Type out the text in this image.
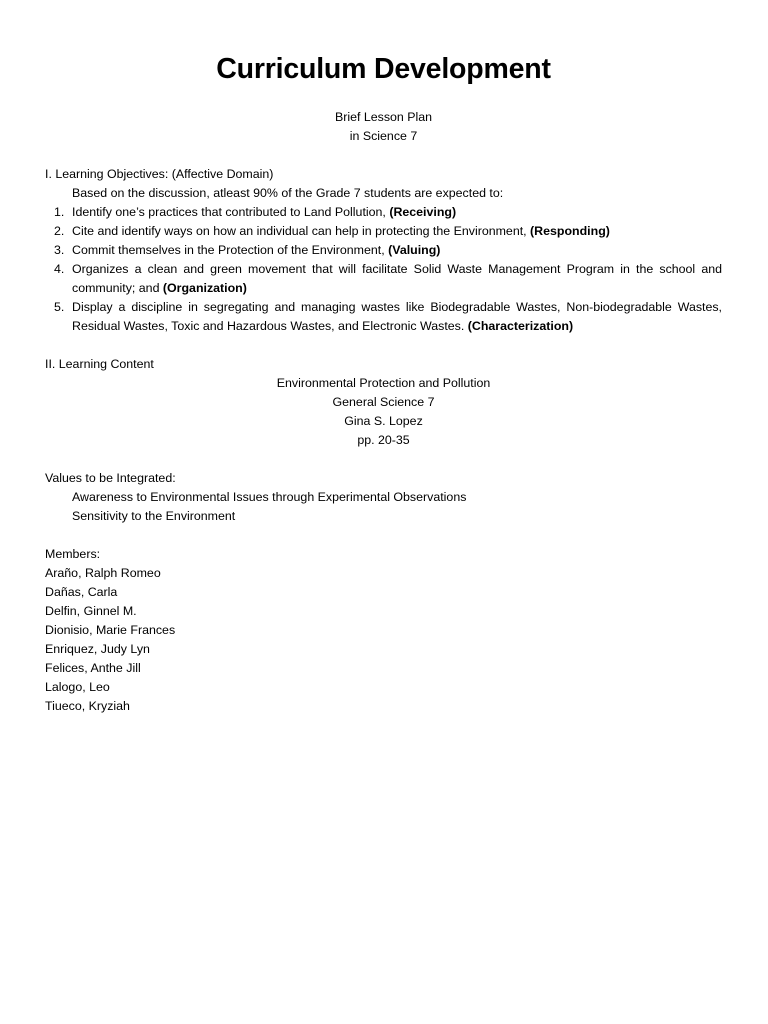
Curriculum Development
Brief Lesson Plan
in Science 7
I. Learning Objectives: (Affective Domain)
Based on the discussion, atleast 90% of the Grade 7 students are expected to:
1. Identify one’s practices that contributed to Land Pollution, (Receiving)
2. Cite and identify ways on how an individual can help in protecting the Environment, (Responding)
3. Commit themselves in the Protection of the Environment, (Valuing)
4. Organizes a clean and green movement that will facilitate Solid Waste Management Program in the school and community; and (Organization)
5. Display a discipline in segregating and managing wastes like Biodegradable Wastes, Non-biodegradable Wastes, Residual Wastes, Toxic and Hazardous Wastes, and Electronic Wastes. (Characterization)
II. Learning Content
Environmental Protection and Pollution
General Science 7
Gina S. Lopez
pp. 20-35
Values to be Integrated:
Awareness to Environmental Issues through Experimental Observations
Sensitivity to the Environment
Members:
Araño, Ralph Romeo
Dañas, Carla
Delfin, Ginnel M.
Dionisio, Marie Frances
Enriquez, Judy Lyn
Felices, Anthe Jill
Lalogo, Leo
Tiueco, Kryziah
